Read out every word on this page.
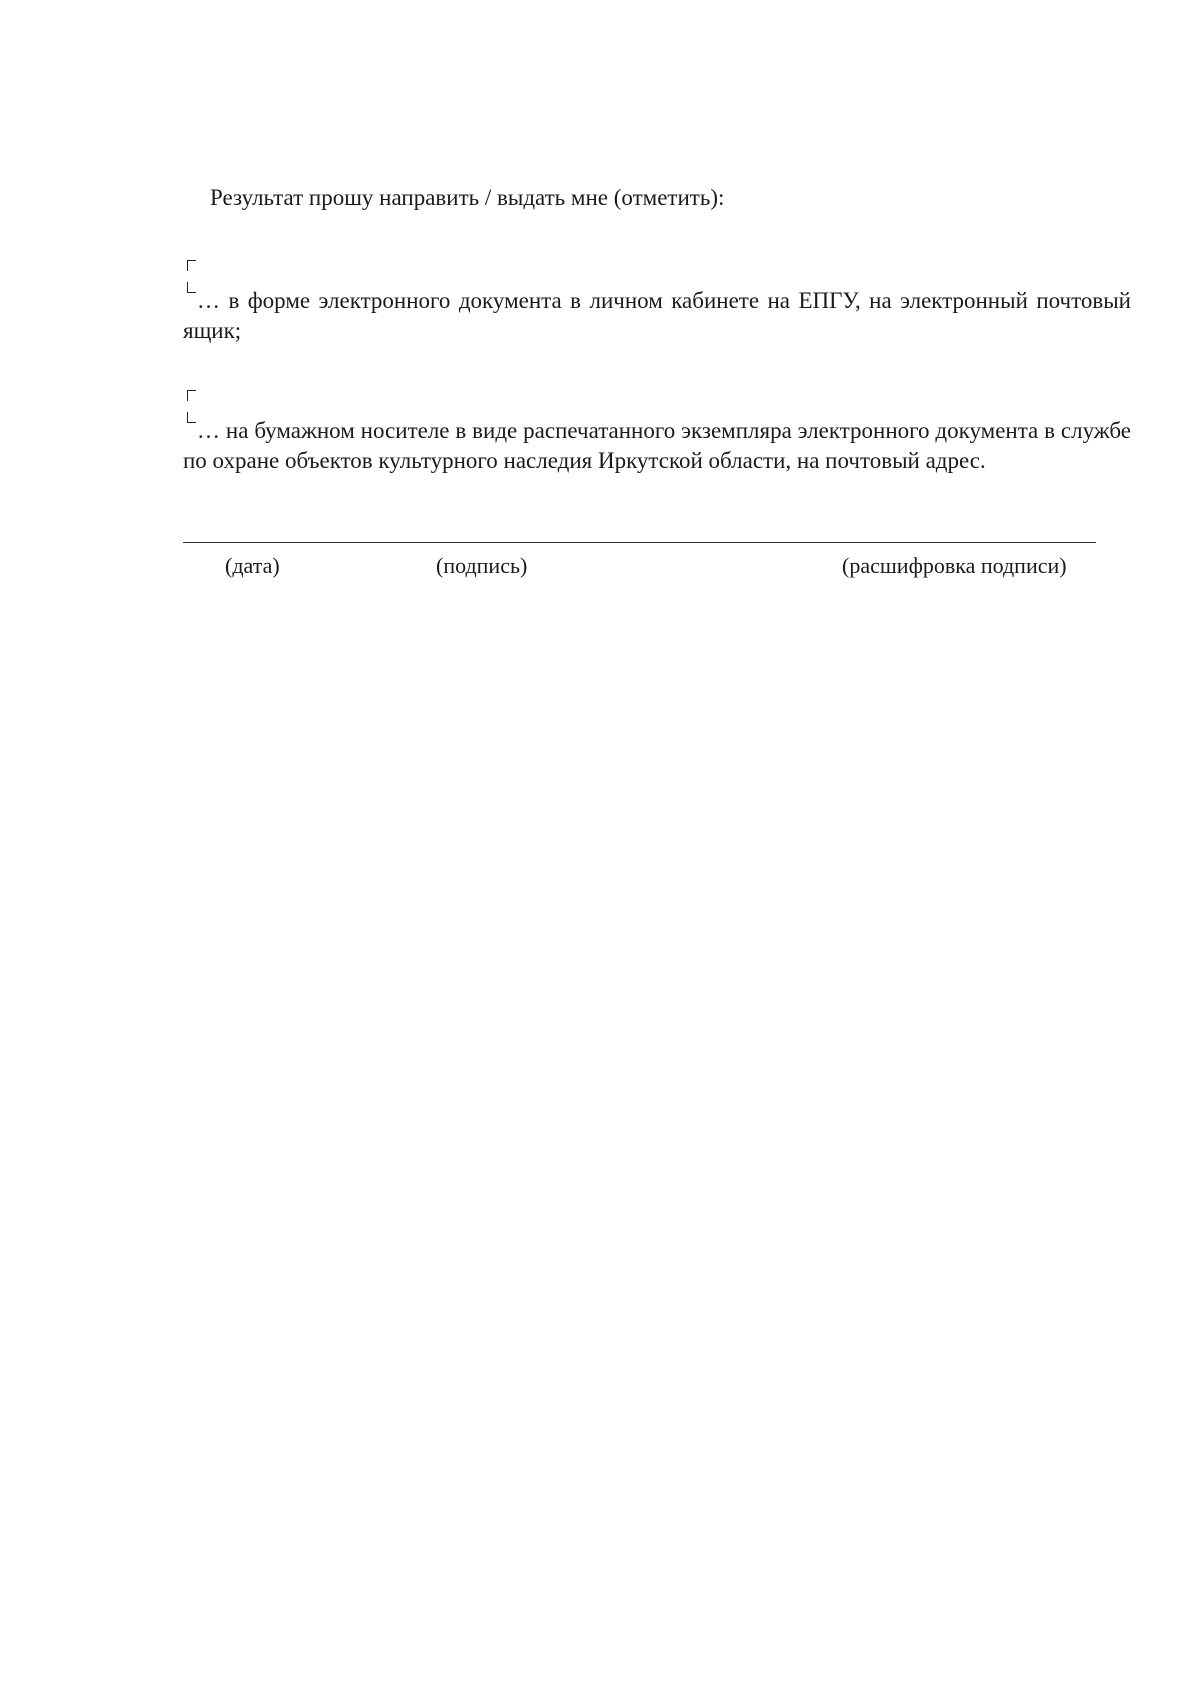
Результат прошу направить / выдать мне (отметить):
… в форме электронного документа в личном кабинете на ЕПГУ, на электронный почтовый ящик;
… на бумажном носителе в виде распечатанного экземпляра электронного документа в службе по охране объектов культурного наследия Иркутской области, на почтовый адрес.
(дата)	(подпись)	(расшифровка подписи)
